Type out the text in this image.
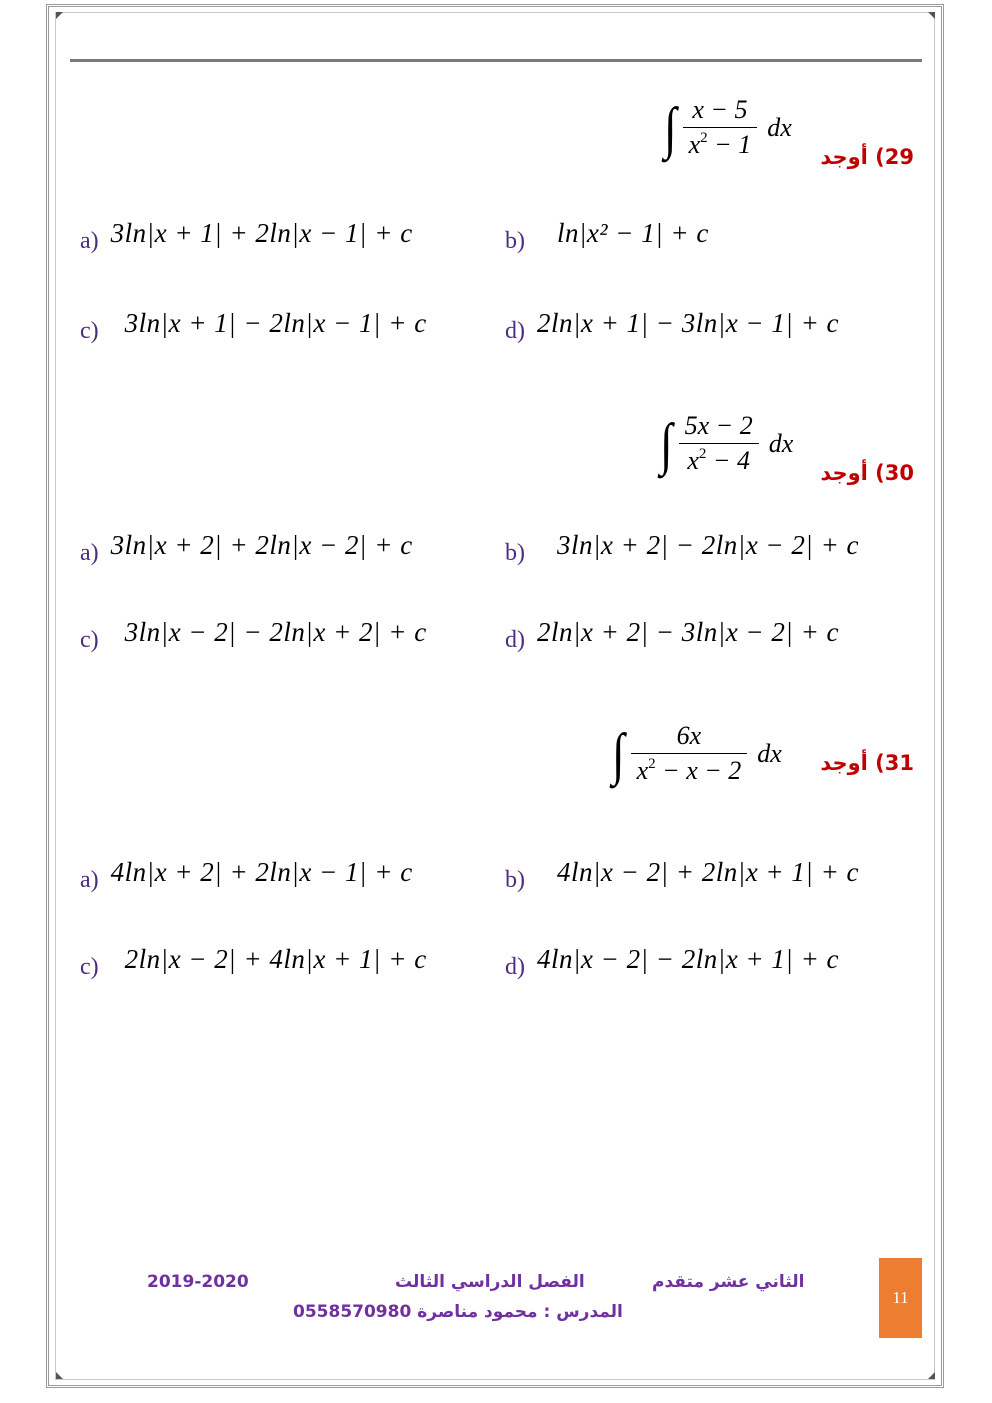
29) أوجد
∫ $\frac{x - 5}{x^2 - 1}$ dx
a) 3ln|x + 1| + 2ln|x − 1| + c	b) ln|x² − 1| + c
c) 3ln|x + 1| − 2ln|x − 1| + c	d) 2ln|x + 1| − 3ln|x − 1| + c
30) أوجد
∫ $\frac{5x - 2}{x^2 - 4}$ dx
a) 3ln|x + 2| + 2ln|x − 2| + c	b) 3ln|x + 2| − 2ln|x − 2| + c
c) 3ln|x − 2| − 2ln|x + 2| + c	d) 2ln|x + 2| − 3ln|x − 2| + c
31) أوجد
∫ $\frac{6x}{x^2 - x - 2}$ dx
a) 4ln|x + 2| + 2ln|x − 1| + c	b) 4ln|x − 2| + 2ln|x + 1| + c
c) 2ln|x − 2| + 4ln|x + 1| + c	d) 4ln|x − 2| − 2ln|x + 1| + c
الثاني عشر متقدم
الفصل الدراسي الثالث
2019-2020
المدرس : محمود مناصرة 0558570980
11
